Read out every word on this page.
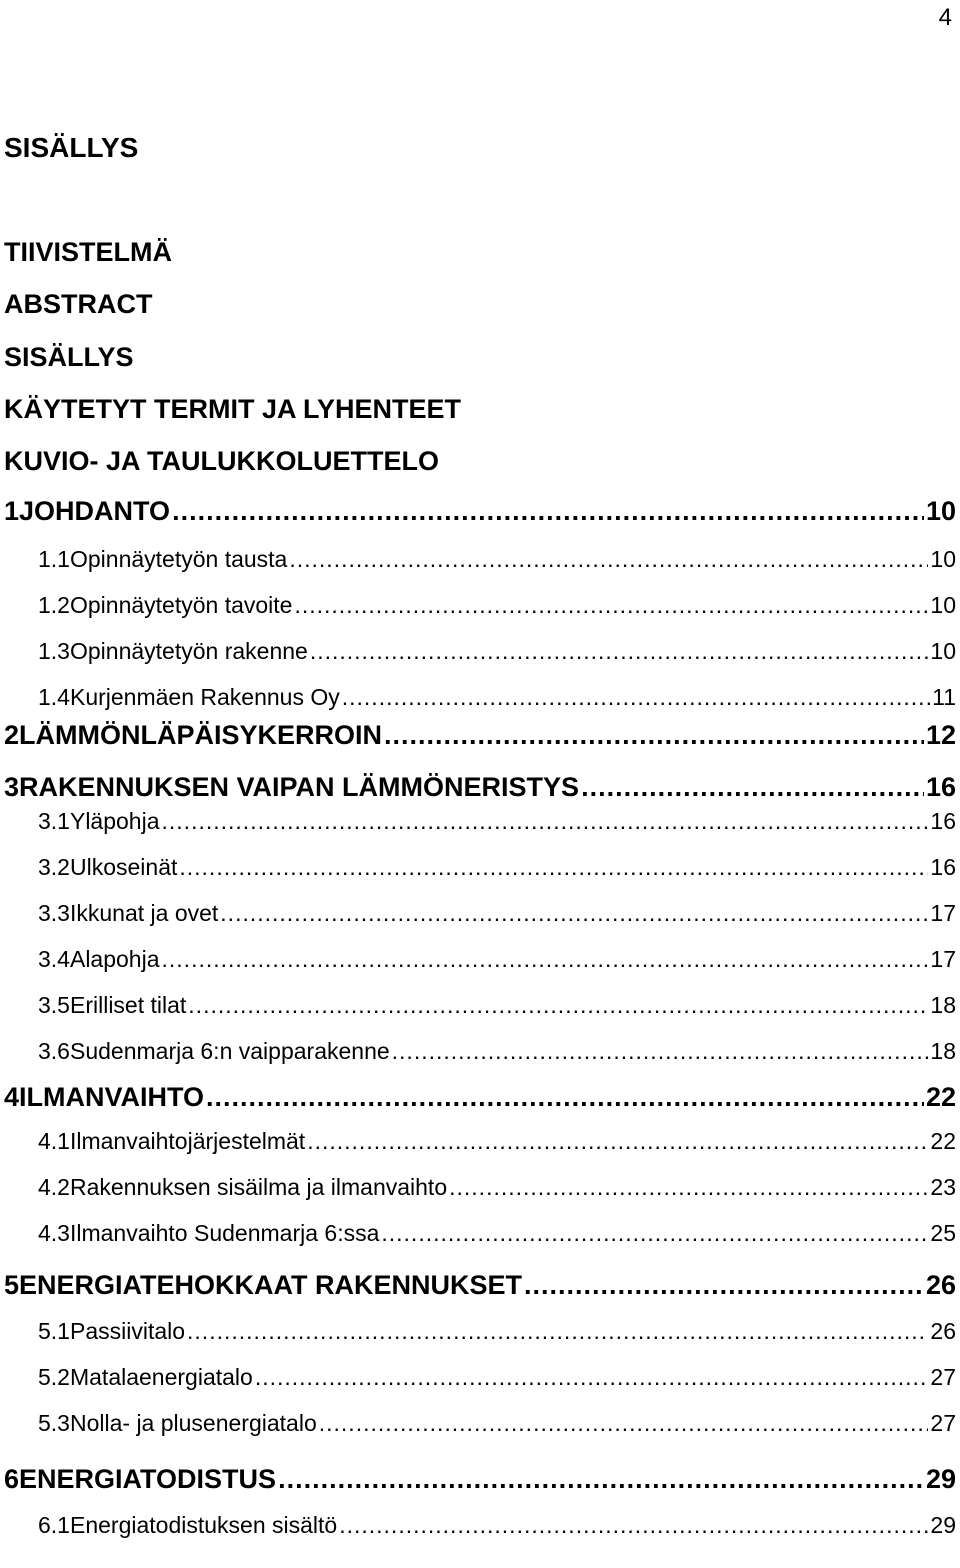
4
SISÄLLYS
TIIVISTELMÄ
ABSTRACT
SISÄLLYS
KÄYTETYT TERMIT JA LYHENTEET
KUVIO- JA TAULUKKOLUETTELO
1 JOHDANTO .....	10
1.1 Opinnäytetyön tausta .....	10
1.2 Opinnäytetyön tavoite .....	10
1.3 Opinnäytetyön rakenne .....	10
1.4 Kurjenmäen Rakennus Oy .....	11
2 LÄMMÖNLÄPÄISYKERROIN .....	12
3 RAKENNUKSEN VAIPAN LÄMMÖNERISTYS .....	16
3.1 Yläpohja .....	16
3.2 Ulkoseinät .....	16
3.3 Ikkunat ja ovet .....	17
3.4 Alapohja .....	17
3.5 Erilliset tilat .....	18
3.6 Sudenmarja 6:n vaipparakenne .....	18
4 ILMANVAIHTO .....	22
4.1 Ilmanvaihtojärjestelmät .....	22
4.2 Rakennuksen sisäilma ja ilmanvaihto .....	23
4.3 Ilmanvaihto Sudenmarja 6:ssa .....	25
5 ENERGIATEHOKKAAT RAKENNUKSET .....	26
5.1 Passiivitalo .....	26
5.2 Matalaenergiatalo .....	27
5.3 Nolla- ja plusenergiatalo .....	27
6 ENERGIATODISTUS .....	29
6.1 Energiatodistuksen sisältö .....	29
